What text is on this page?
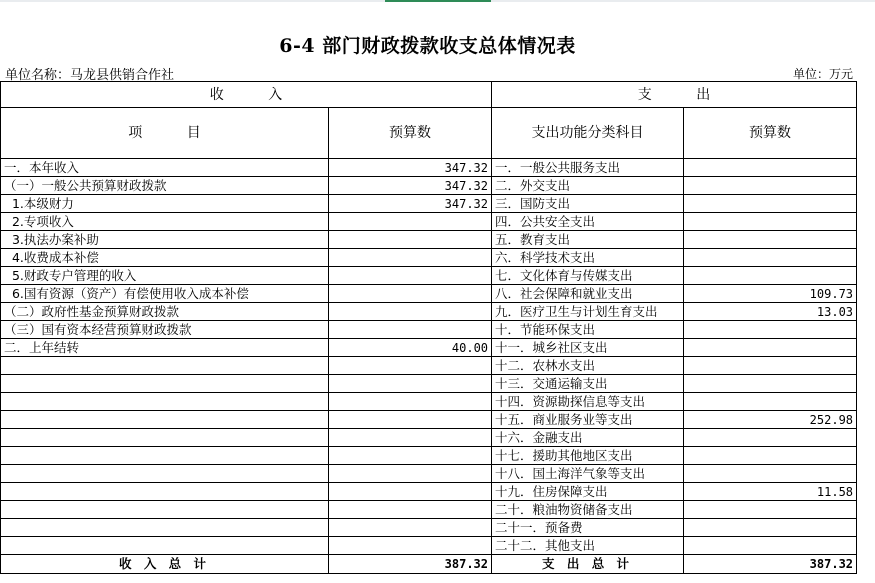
6-4 部门财政拨款收支总体情况表
单位名称：马龙县供销合作社	单位：万元
收          入		支          出	
项          目	预算数	支出功能分类科目	预算数
一．本年收入	347.32	一．一般公共服务支出	
（一）一般公共预算财政拨款	347.32	二．外交支出	
1.本级财力	347.32	三．国防支出	
2.专项收入		四．公共安全支出	
3.执法办案补助		五．教育支出	
4.收费成本补偿		六．科学技术支出	
5.财政专户管理的收入		七．文化体育与传媒支出	
6.国有资源（资产）有偿使用收入成本补偿		八．社会保障和就业支出	109.73
（二）政府性基金预算财政拨款		九．医疗卫生与计划生育支出	13.03
（三）国有资本经营预算财政拨款		十．节能环保支出	
二．上年结转	40.00	十一．城乡社区支出	
		十二．农林水支出	
		十三．交通运输支出	
		十四．资源勘探信息等支出	
		十五．商业服务业等支出	252.98
		十六．金融支出	
		十七．援助其他地区支出	
		十八．国土海洋气象等支出	
		十九．住房保障支出	11.58
		二十．粮油物资储备支出	
		二十一．预备费	
		二十二．其他支出	
收 入 总 计	387.32	支 出 总 计	387.32
